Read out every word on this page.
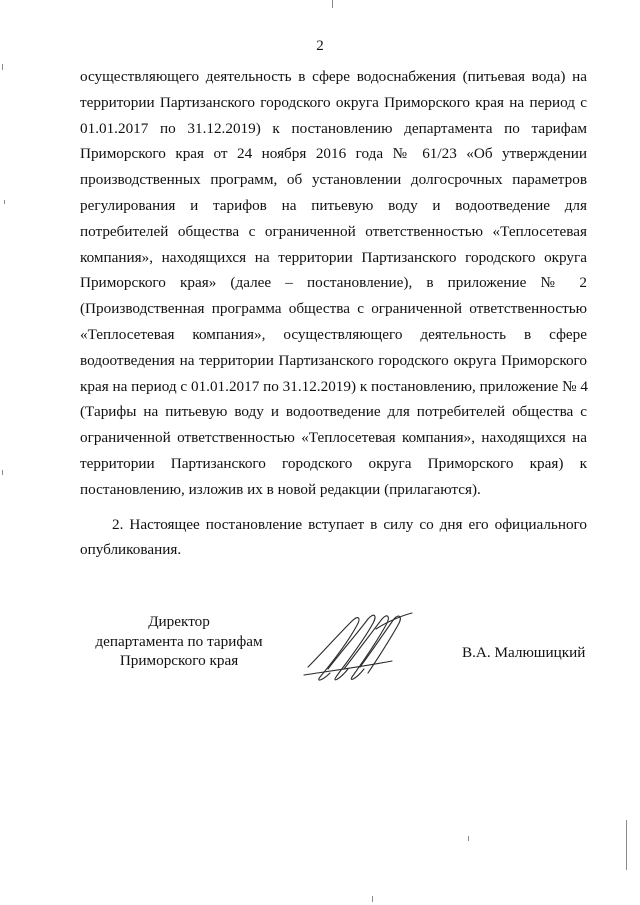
2
осуществляющего деятельность в сфере водоснабжения (питьевая вода) на
территории Партизанского городского округа Приморского края на период с
01.01.2017 по 31.12.2019) к постановлению департамента по тарифам
Приморского края от 24 ноября 2016 года № 61/23 «Об утверждении
производственных программ, об установлении долгосрочных параметров
регулирования и тарифов на питьевую воду и водоотведение для
потребителей общества с ограниченной ответственностью «Теплосетевая
компания», находящихся на территории Партизанского городского округа
Приморского края» (далее – постановление), в приложение № 2
(Производственная программа общества с ограниченной ответственностью
«Теплосетевая компания», осуществляющего деятельность в сфере
водоотведения на территории Партизанского городского округа Приморского
края на период с 01.01.2017 по 31.12.2019) к постановлению, приложение № 4
(Тарифы на питьевую воду и водоотведение для потребителей общества с
ограниченной ответственностью «Теплосетевая компания», находящихся на
территории Партизанского городского округа Приморского края) к
постановлению, изложив их в новой редакции (прилагаются).
2. Настоящее постановление вступает в силу со дня его официального
опубликования.
Директор
департамента по тарифам
Приморского края	В.А. Малюшицкий
